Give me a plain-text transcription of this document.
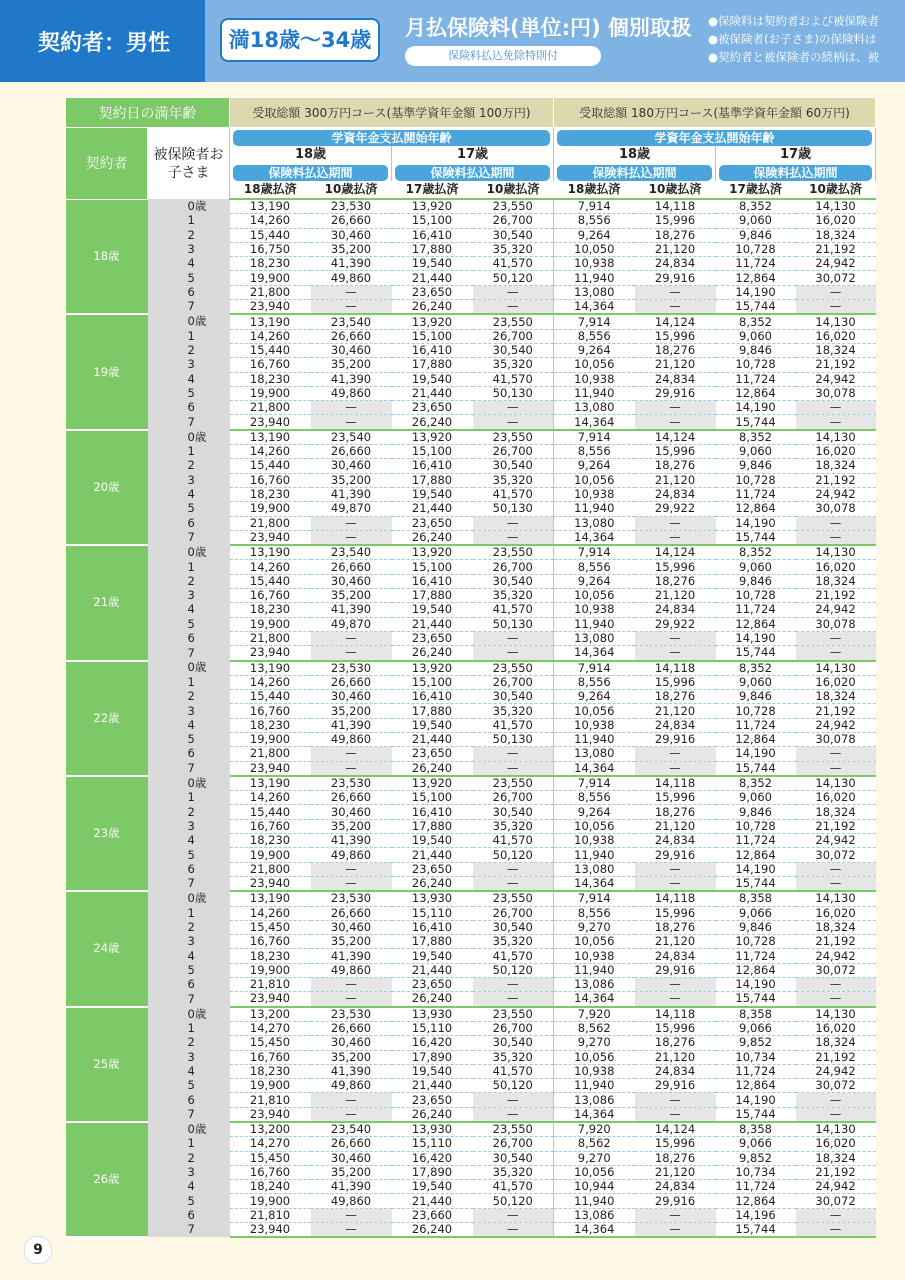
契約者：男性	満18歳〜34歳	月払保険料(単位:円) 個別取扱
保険料払込免除特則付
●保険料は契約者および被保険者
●被保険者(お子さま)の保険料は
●契約者と被保険者の続柄は、被
契約日の満年齢		受取総額 300万円コース(基準学資年金額 100万円)				受取総額 180万円コース(基準学資年金額 60万円)			
契約者	被保険者お子さま	学資年金支払開始年齢				学資年金支払開始年齢			

		18歳		17歳		18歳		17歳	

		保険料払込期間		保険料払込期間		保険料払込期間		保険料払込期間	

		18歳払済	10歳払済	17歳払済	10歳払済	18歳払済	10歳払済	17歳払済	10歳払済
18歳	0歳	13,190	23,530	13,920	23,550	7,914	14,118	8,352	14,130
	1	14,260	26,660	15,100	26,700	8,556	15,996	9,060	16,020
	2	15,440	30,460	16,410	30,540	9,264	18,276	9,846	18,324
	3	16,750	35,200	17,880	35,320	10,050	21,120	10,728	21,192
	4	18,230	41,390	19,540	41,570	10,938	24,834	11,724	24,942
	5	19,900	49,860	21,440	50,120	11,940	29,916	12,864	30,072
	6	21,800	—	23,650	—	13,080	—	14,190	—
	7	23,940	—	26,240	—	14,364	—	15,744	—
19歳	0歳	13,190	23,540	13,920	23,550	7,914	14,124	8,352	14,130
	1	14,260	26,660	15,100	26,700	8,556	15,996	9,060	16,020
	2	15,440	30,460	16,410	30,540	9,264	18,276	9,846	18,324
	3	16,760	35,200	17,880	35,320	10,056	21,120	10,728	21,192
	4	18,230	41,390	19,540	41,570	10,938	24,834	11,724	24,942
	5	19,900	49,860	21,440	50,130	11,940	29,916	12,864	30,078
	6	21,800	—	23,650	—	13,080	—	14,190	—
	7	23,940	—	26,240	—	14,364	—	15,744	—
20歳	0歳	13,190	23,540	13,920	23,550	7,914	14,124	8,352	14,130
	1	14,260	26,660	15,100	26,700	8,556	15,996	9,060	16,020
	2	15,440	30,460	16,410	30,540	9,264	18,276	9,846	18,324
	3	16,760	35,200	17,880	35,320	10,056	21,120	10,728	21,192
	4	18,230	41,390	19,540	41,570	10,938	24,834	11,724	24,942
	5	19,900	49,870	21,440	50,130	11,940	29,922	12,864	30,078
	6	21,800	—	23,650	—	13,080	—	14,190	—
	7	23,940	—	26,240	—	14,364	—	15,744	—
21歳	0歳	13,190	23,540	13,920	23,550	7,914	14,124	8,352	14,130
	1	14,260	26,660	15,100	26,700	8,556	15,996	9,060	16,020
	2	15,440	30,460	16,410	30,540	9,264	18,276	9,846	18,324
	3	16,760	35,200	17,880	35,320	10,056	21,120	10,728	21,192
	4	18,230	41,390	19,540	41,570	10,938	24,834	11,724	24,942
	5	19,900	49,870	21,440	50,130	11,940	29,922	12,864	30,078
	6	21,800	—	23,650	—	13,080	—	14,190	—
	7	23,940	—	26,240	—	14,364	—	15,744	—
22歳	0歳	13,190	23,530	13,920	23,550	7,914	14,118	8,352	14,130
	1	14,260	26,660	15,100	26,700	8,556	15,996	9,060	16,020
	2	15,440	30,460	16,410	30,540	9,264	18,276	9,846	18,324
	3	16,760	35,200	17,880	35,320	10,056	21,120	10,728	21,192
	4	18,230	41,390	19,540	41,570	10,938	24,834	11,724	24,942
	5	19,900	49,860	21,440	50,130	11,940	29,916	12,864	30,078
	6	21,800	—	23,650	—	13,080	—	14,190	—
	7	23,940	—	26,240	—	14,364	—	15,744	—
23歳	0歳	13,190	23,530	13,920	23,550	7,914	14,118	8,352	14,130
	1	14,260	26,660	15,100	26,700	8,556	15,996	9,060	16,020
	2	15,440	30,460	16,410	30,540	9,264	18,276	9,846	18,324
	3	16,760	35,200	17,880	35,320	10,056	21,120	10,728	21,192
	4	18,230	41,390	19,540	41,570	10,938	24,834	11,724	24,942
	5	19,900	49,860	21,440	50,120	11,940	29,916	12,864	30,072
	6	21,800	—	23,650	—	13,080	—	14,190	—
	7	23,940	—	26,240	—	14,364	—	15,744	—
24歳	0歳	13,190	23,530	13,930	23,550	7,914	14,118	8,358	14,130
	1	14,260	26,660	15,110	26,700	8,556	15,996	9,066	16,020
	2	15,450	30,460	16,410	30,540	9,270	18,276	9,846	18,324
	3	16,760	35,200	17,880	35,320	10,056	21,120	10,728	21,192
	4	18,230	41,390	19,540	41,570	10,938	24,834	11,724	24,942
	5	19,900	49,860	21,440	50,120	11,940	29,916	12,864	30,072
	6	21,810	—	23,650	—	13,086	—	14,190	—
	7	23,940	—	26,240	—	14,364	—	15,744	—
25歳	0歳	13,200	23,530	13,930	23,550	7,920	14,118	8,358	14,130
	1	14,270	26,660	15,110	26,700	8,562	15,996	9,066	16,020
	2	15,450	30,460	16,420	30,540	9,270	18,276	9,852	18,324
	3	16,760	35,200	17,890	35,320	10,056	21,120	10,734	21,192
	4	18,230	41,390	19,540	41,570	10,938	24,834	11,724	24,942
	5	19,900	49,860	21,440	50,120	11,940	29,916	12,864	30,072
	6	21,810	—	23,650	—	13,086	—	14,190	—
	7	23,940	—	26,240	—	14,364	—	15,744	—
26歳	0歳	13,200	23,540	13,930	23,550	7,920	14,124	8,358	14,130
	1	14,270	26,660	15,110	26,700	8,562	15,996	9,066	16,020
	2	15,450	30,460	16,420	30,540	9,270	18,276	9,852	18,324
	3	16,760	35,200	17,890	35,320	10,056	21,120	10,734	21,192
	4	18,240	41,390	19,540	41,570	10,944	24,834	11,724	24,942
	5	19,900	49,860	21,440	50,120	11,940	29,916	12,864	30,072
	6	21,810	—	23,660	—	13,086	—	14,196	—
	7	23,940	—	26,240	—	14,364	—	15,744	—
9
